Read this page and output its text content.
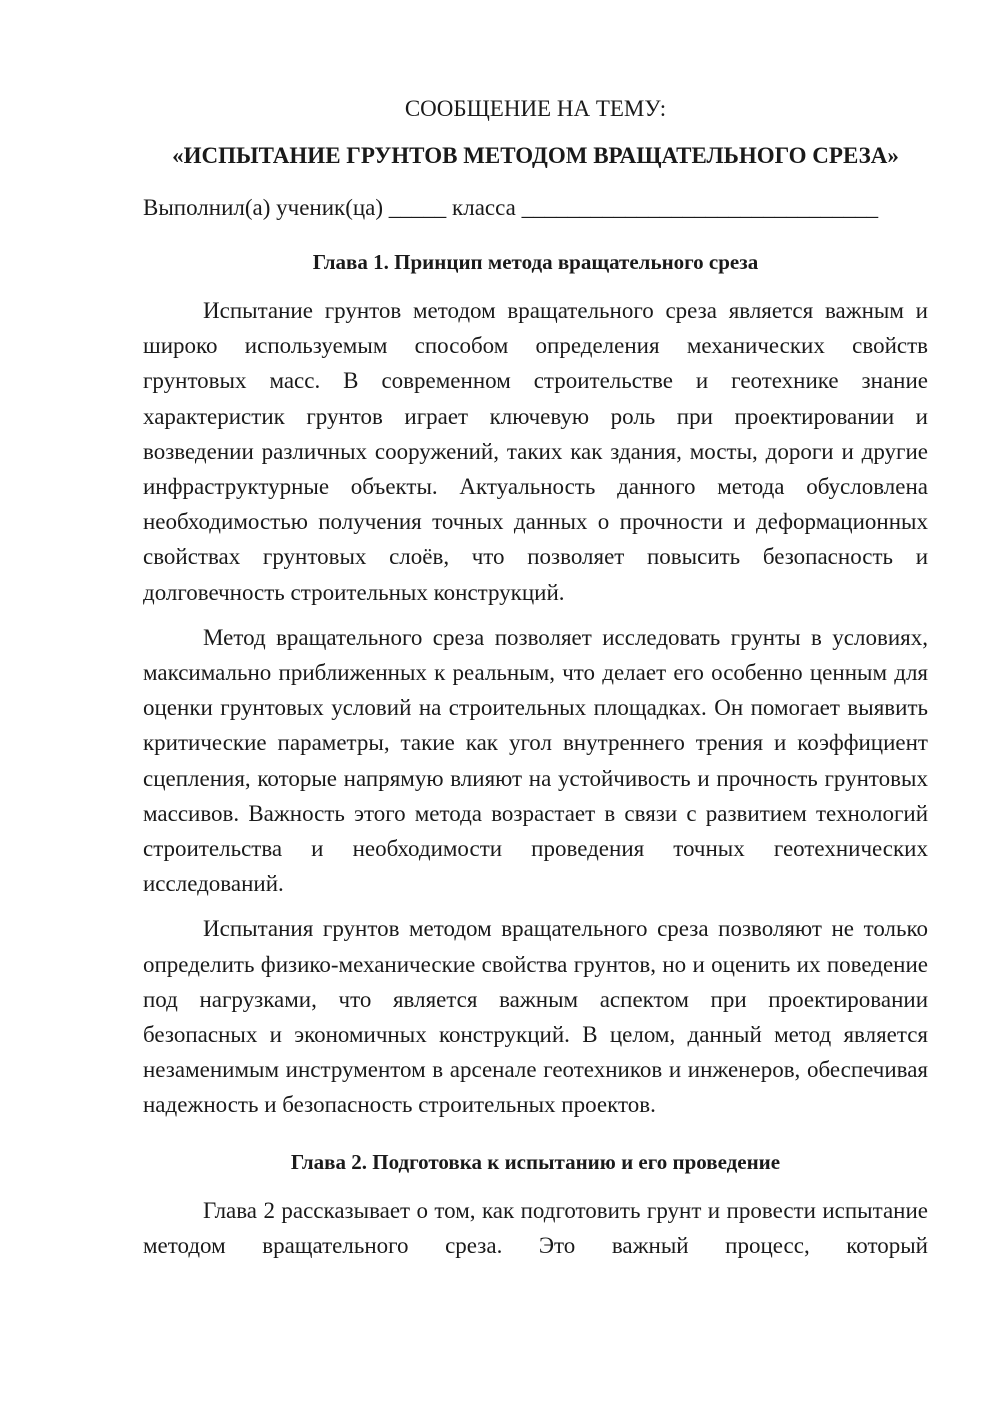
СООБЩЕНИЕ НА ТЕМУ:

«ИСПЫТАНИЕ ГРУНТОВ МЕТОДОМ ВРАЩАТЕЛЬНОГО СРЕЗА»

Выполнил(а) ученик(ца) _____ класса _______________________________

Глава 1. Принцип метода вращательного среза

Испытание грунтов методом вращательного среза является важным и широко используемым способом определения механических свойств грунтовых масс. В современном строительстве и геотехнике знание характеристик грунтов играет ключевую роль при проектировании и возведении различных сооружений, таких как здания, мосты, дороги и другие инфраструктурные объекты. Актуальность данного метода обусловлена необходимостью получения точных данных о прочности и деформационных свойствах грунтовых слоёв, что позволяет повысить безопасность и долговечность строительных конструкций.

Метод вращательного среза позволяет исследовать грунты в условиях, максимально приближенных к реальным, что делает его особенно ценным для оценки грунтовых условий на строительных площадках. Он помогает выявить критические параметры, такие как угол внутреннего трения и коэффициент сцепления, которые напрямую влияют на устойчивость и прочность грунтовых массивов. Важность этого метода возрастает в связи с развитием технологий строительства и необходимости проведения точных геотехнических исследований.

Испытания грунтов методом вращательного среза позволяют не только определить физико-механические свойства грунтов, но и оценить их поведение под нагрузками, что является важным аспектом при проектировании безопасных и экономичных конструкций. В целом, данный метод является незаменимым инструментом в арсенале геотехников и инженеров, обеспечивая надежность и безопасность строительных проектов.

Глава 2. Подготовка к испытанию и его проведение

Глава 2 рассказывает о том, как подготовить грунт и провести испытание методом вращательного среза. Это важный процесс, который
